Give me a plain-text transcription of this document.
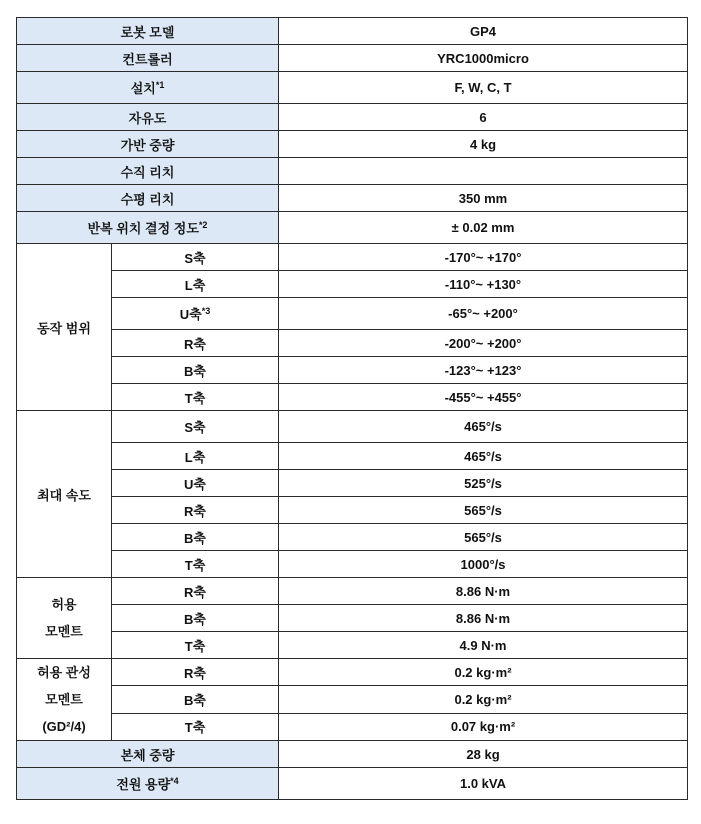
로봇 모델		GP4
컨트롤러		YRC1000micro
설치$^{*1}$		F, W, C, T
자유도		6
가반 중량		4 kg
수직 리치		
수평 리치		350 mm
반복 위치 결정 정도$^{*2}$		± 0.02 mm
동작 범위	S축	-170°~ +170°
	L축	-110°~ +130°
	U축$^{*3}$	-65°~ +200°
	R축	-200°~ +200°
	B축	-123°~ +123°
	T축	-455°~ +455°
최대 속도	S축	465°/s
	L축	465°/s
	U축	525°/s
	R축	565°/s
	B축	565°/s
	T축	1000°/s
허용
모멘트	R축	8.86 N·m
	B축	8.86 N·m
	T축	4.9 N·m
허용 관성
모멘트
(GD²/4)	R축	0.2 kg·m²
	B축	0.2 kg·m²
	T축	0.07 kg·m²
본체 중량		28 kg
전원 용량$^{*4}$		1.0 kVA
